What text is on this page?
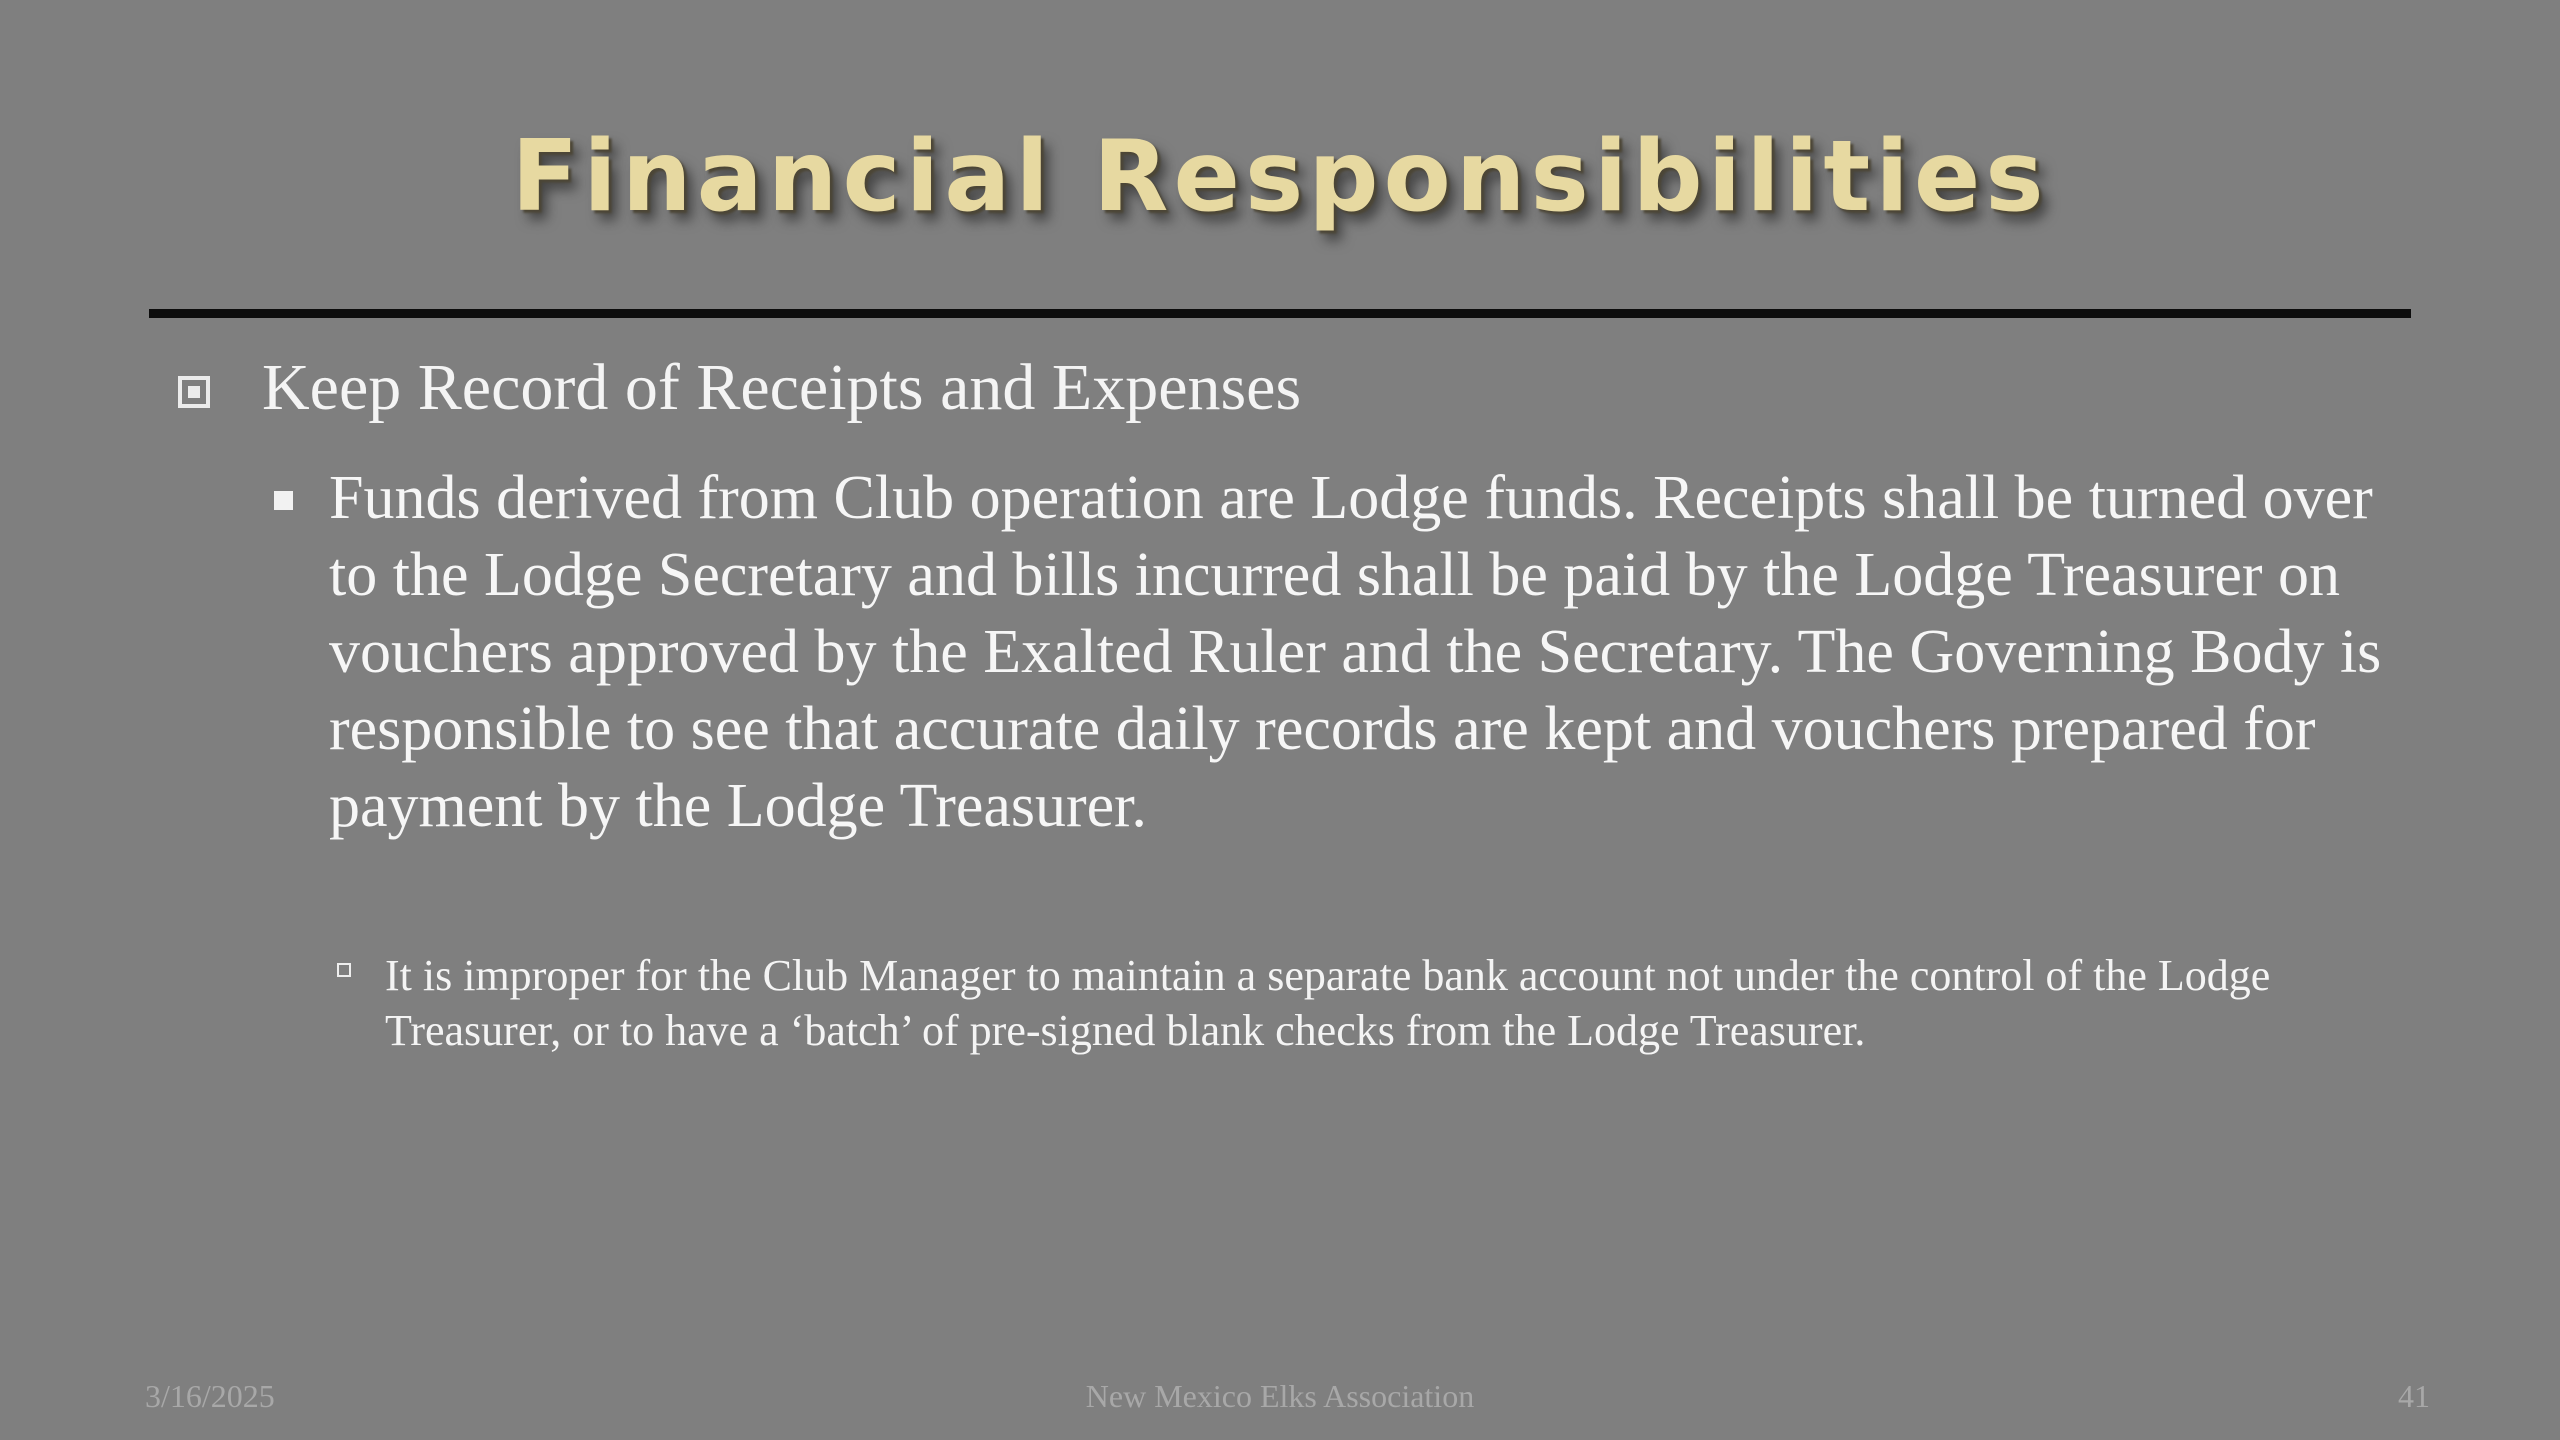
Financial Responsibilities
Keep Record of Receipts and Expenses
Funds derived from Club operation are Lodge funds. Receipts shall be turned over to the Lodge Secretary and bills incurred shall be paid by the Lodge Treasurer on vouchers approved by the Exalted Ruler and the Secretary. The Governing Body is responsible to see that accurate daily records are kept and vouchers prepared for payment by the Lodge Treasurer.
It is improper for the Club Manager to maintain a separate bank account not under the control of the Lodge Treasurer, or to have a ‘batch’ of pre-signed blank checks from the Lodge Treasurer.
3/16/2025	New Mexico Elks Association	41
